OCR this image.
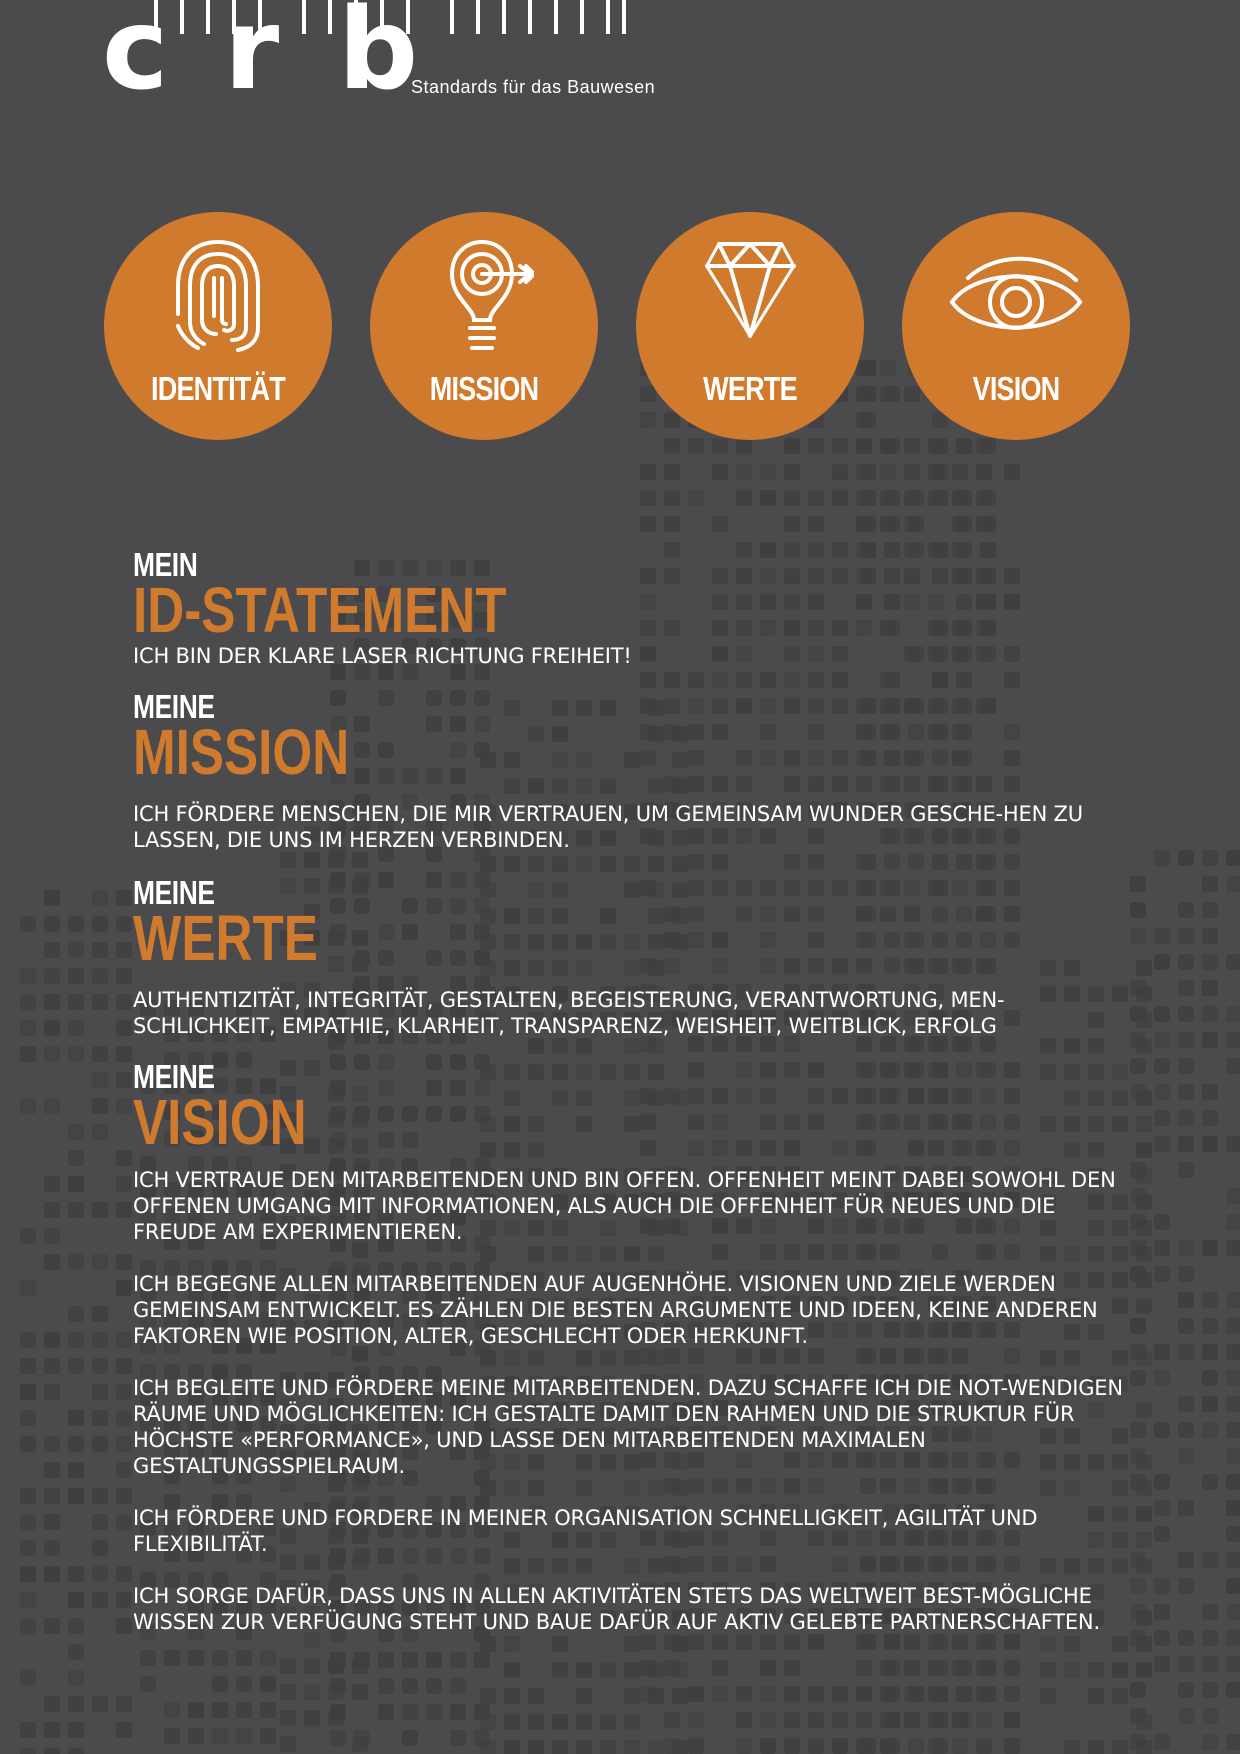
c r b
Standards für das Bauwesen
IDENTITÄT	MISSION	WERTE	VISION
MEIN
ID-STATEMENT

ICH BIN DER KLARE LASER RICHTUNG FREIHEIT!

MEINE
MISSION

ICH FÖRDERE MENSCHEN, DIE MIR VERTRAUEN, UM GEMEINSAM WUNDER GESCHE-HEN ZU LASSEN, DIE UNS IM HERZEN VERBINDEN.

MEINE
WERTE

AUTHENTIZITÄT, INTEGRITÄT, GESTALTEN, BEGEISTERUNG, VERANTWORTUNG, MEN-SCHLICHKEIT, EMPATHIE, KLARHEIT, TRANSPARENZ, WEISHEIT, WEITBLICK, ERFOLG

MEINE
VISION

ICH VERTRAUE DEN MITARBEITENDEN UND BIN OFFEN. OFFENHEIT MEINT DABEI SOWOHL DEN OFFENEN UMGANG MIT INFORMATIONEN, ALS AUCH DIE OFFENHEIT FÜR NEUES UND DIE FREUDE AM EXPERIMENTIEREN.

ICH BEGEGNE ALLEN MITARBEITENDEN AUF AUGENHÖHE. VISIONEN UND ZIELE WERDEN GEMEINSAM ENTWICKELT. ES ZÄHLEN DIE BESTEN ARGUMENTE UND IDEEN, KEINE ANDEREN FAKTOREN WIE POSITION, ALTER, GESCHLECHT ODER HERKUNFT.

ICH BEGLEITE UND FÖRDERE MEINE MITARBEITENDEN. DAZU SCHAFFE ICH DIE NOT-WENDIGEN RÄUME UND MÖGLICHKEITEN: ICH GESTALTE DAMIT DEN RAHMEN UND DIE STRUKTUR FÜR HÖCHSTE «PERFORMANCE», UND LASSE DEN MITARBEITENDEN MAXIMALEN GESTALTUNGSSPIELRAUM.

ICH FÖRDERE UND FORDERE IN MEINER ORGANISATION SCHNELLIGKEIT, AGILITÄT UND FLEXIBILITÄT.

ICH SORGE DAFÜR, DASS UNS IN ALLEN AKTIVITÄTEN STETS DAS WELTWEIT BEST-MÖGLICHE WISSEN ZUR VERFÜGUNG STEHT UND BAUE DAFÜR AUF AKTIV GELEBTE PARTNERSCHAFTEN.
